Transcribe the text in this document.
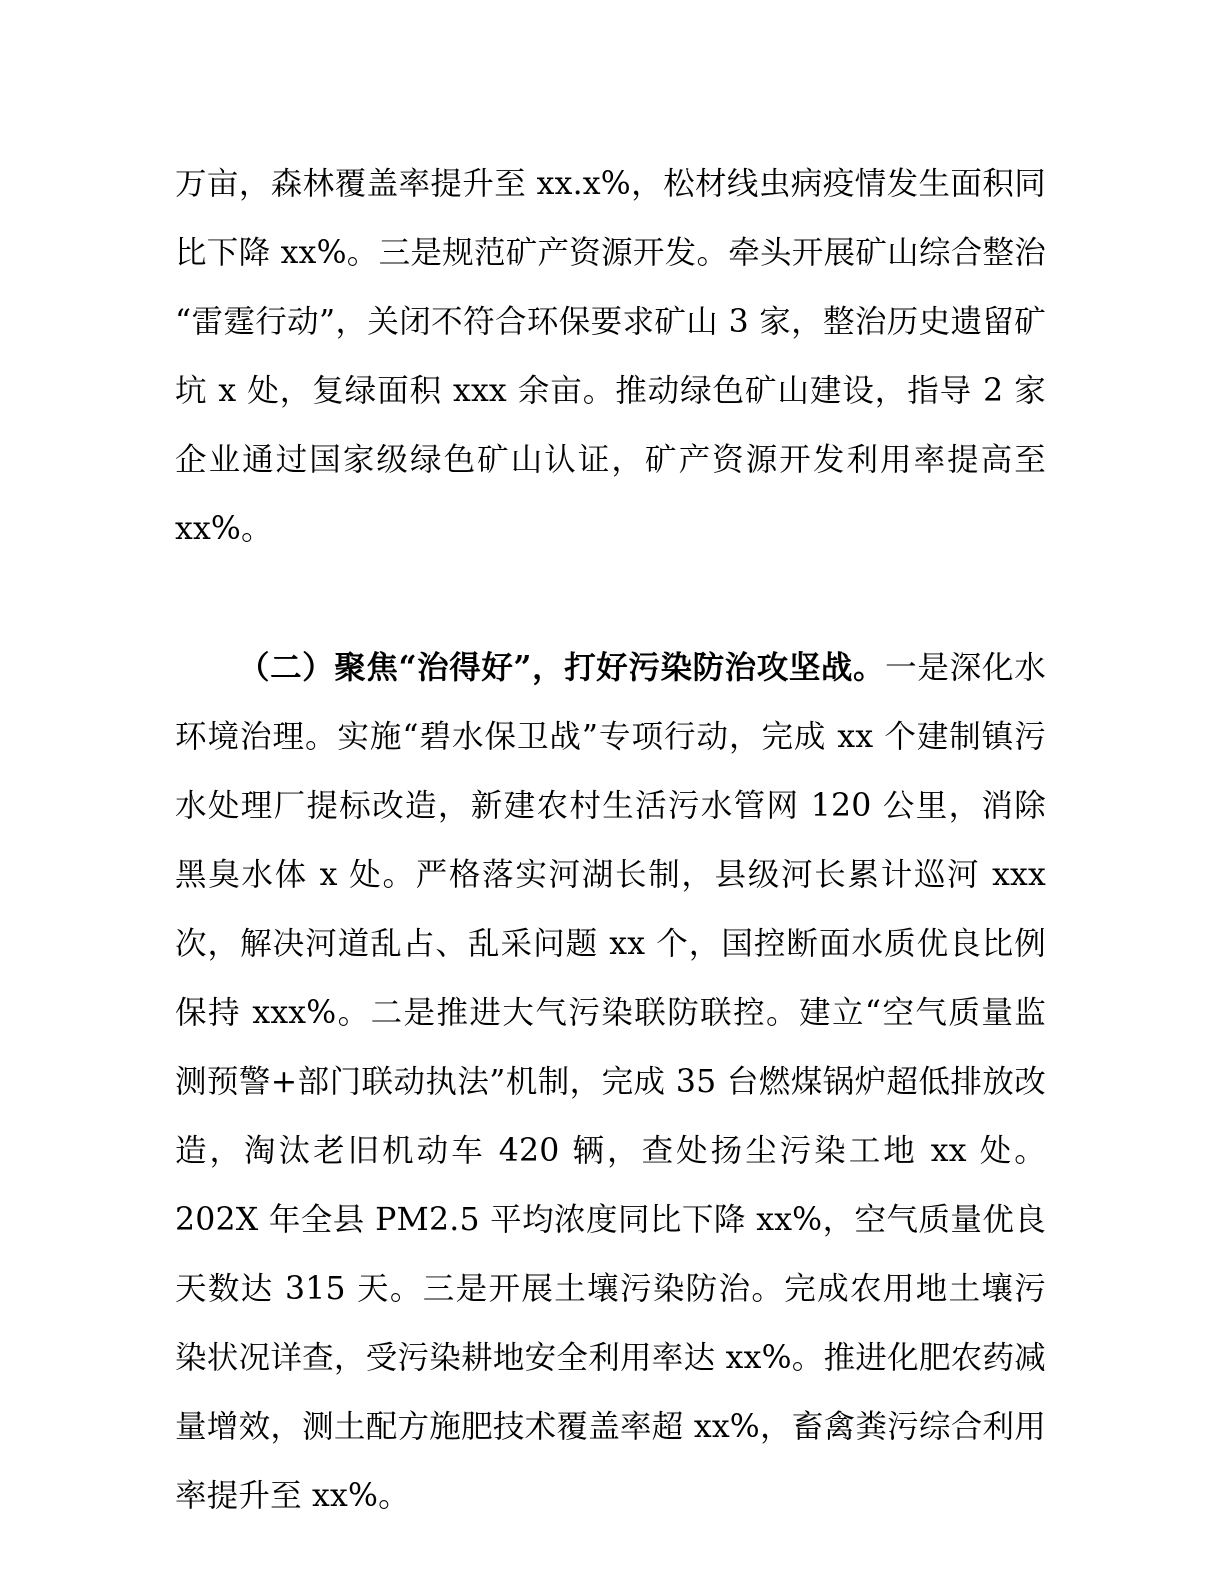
万亩，森林覆盖率提升至 xx.x%，松材线虫病疫情发生面积同比下降 xx%。三是规范矿产资源开发。牵头开展矿山综合整治“雷霆行动”，关闭不符合环保要求矿山 3 家，整治历史遗留矿坑 x 处，复绿面积 xxx 余亩。推动绿色矿山建设，指导 2 家企业通过国家级绿色矿山认证，矿产资源开发利用率提高至 xx%。

（二）聚焦“治得好”，打好污染防治攻坚战。一是深化水环境治理。实施“碧水保卫战”专项行动，完成 xx 个建制镇污水处理厂提标改造，新建农村生活污水管网 120 公里，消除黑臭水体 x 处。严格落实河湖长制，县级河长累计巡河 xxx 次，解决河道乱占、乱采问题 xx 个，国控断面水质优良比例保持 xxx%。二是推进大气污染联防联控。建立“空气质量监测预警+部门联动执法”机制，完成 35 台燃煤锅炉超低排放改造，淘汰老旧机动车 420 辆，查处扬尘污染工地 xx 处。202X 年全县 PM2.5 平均浓度同比下降 xx%，空气质量优良天数达 315 天。三是开展土壤污染防治。完成农用地土壤污染状况详查，受污染耕地安全利用率达 xx%。推进化肥农药减量增效，测土配方施肥技术覆盖率超 xx%，畜禽粪污综合利用率提升至 xx%。
